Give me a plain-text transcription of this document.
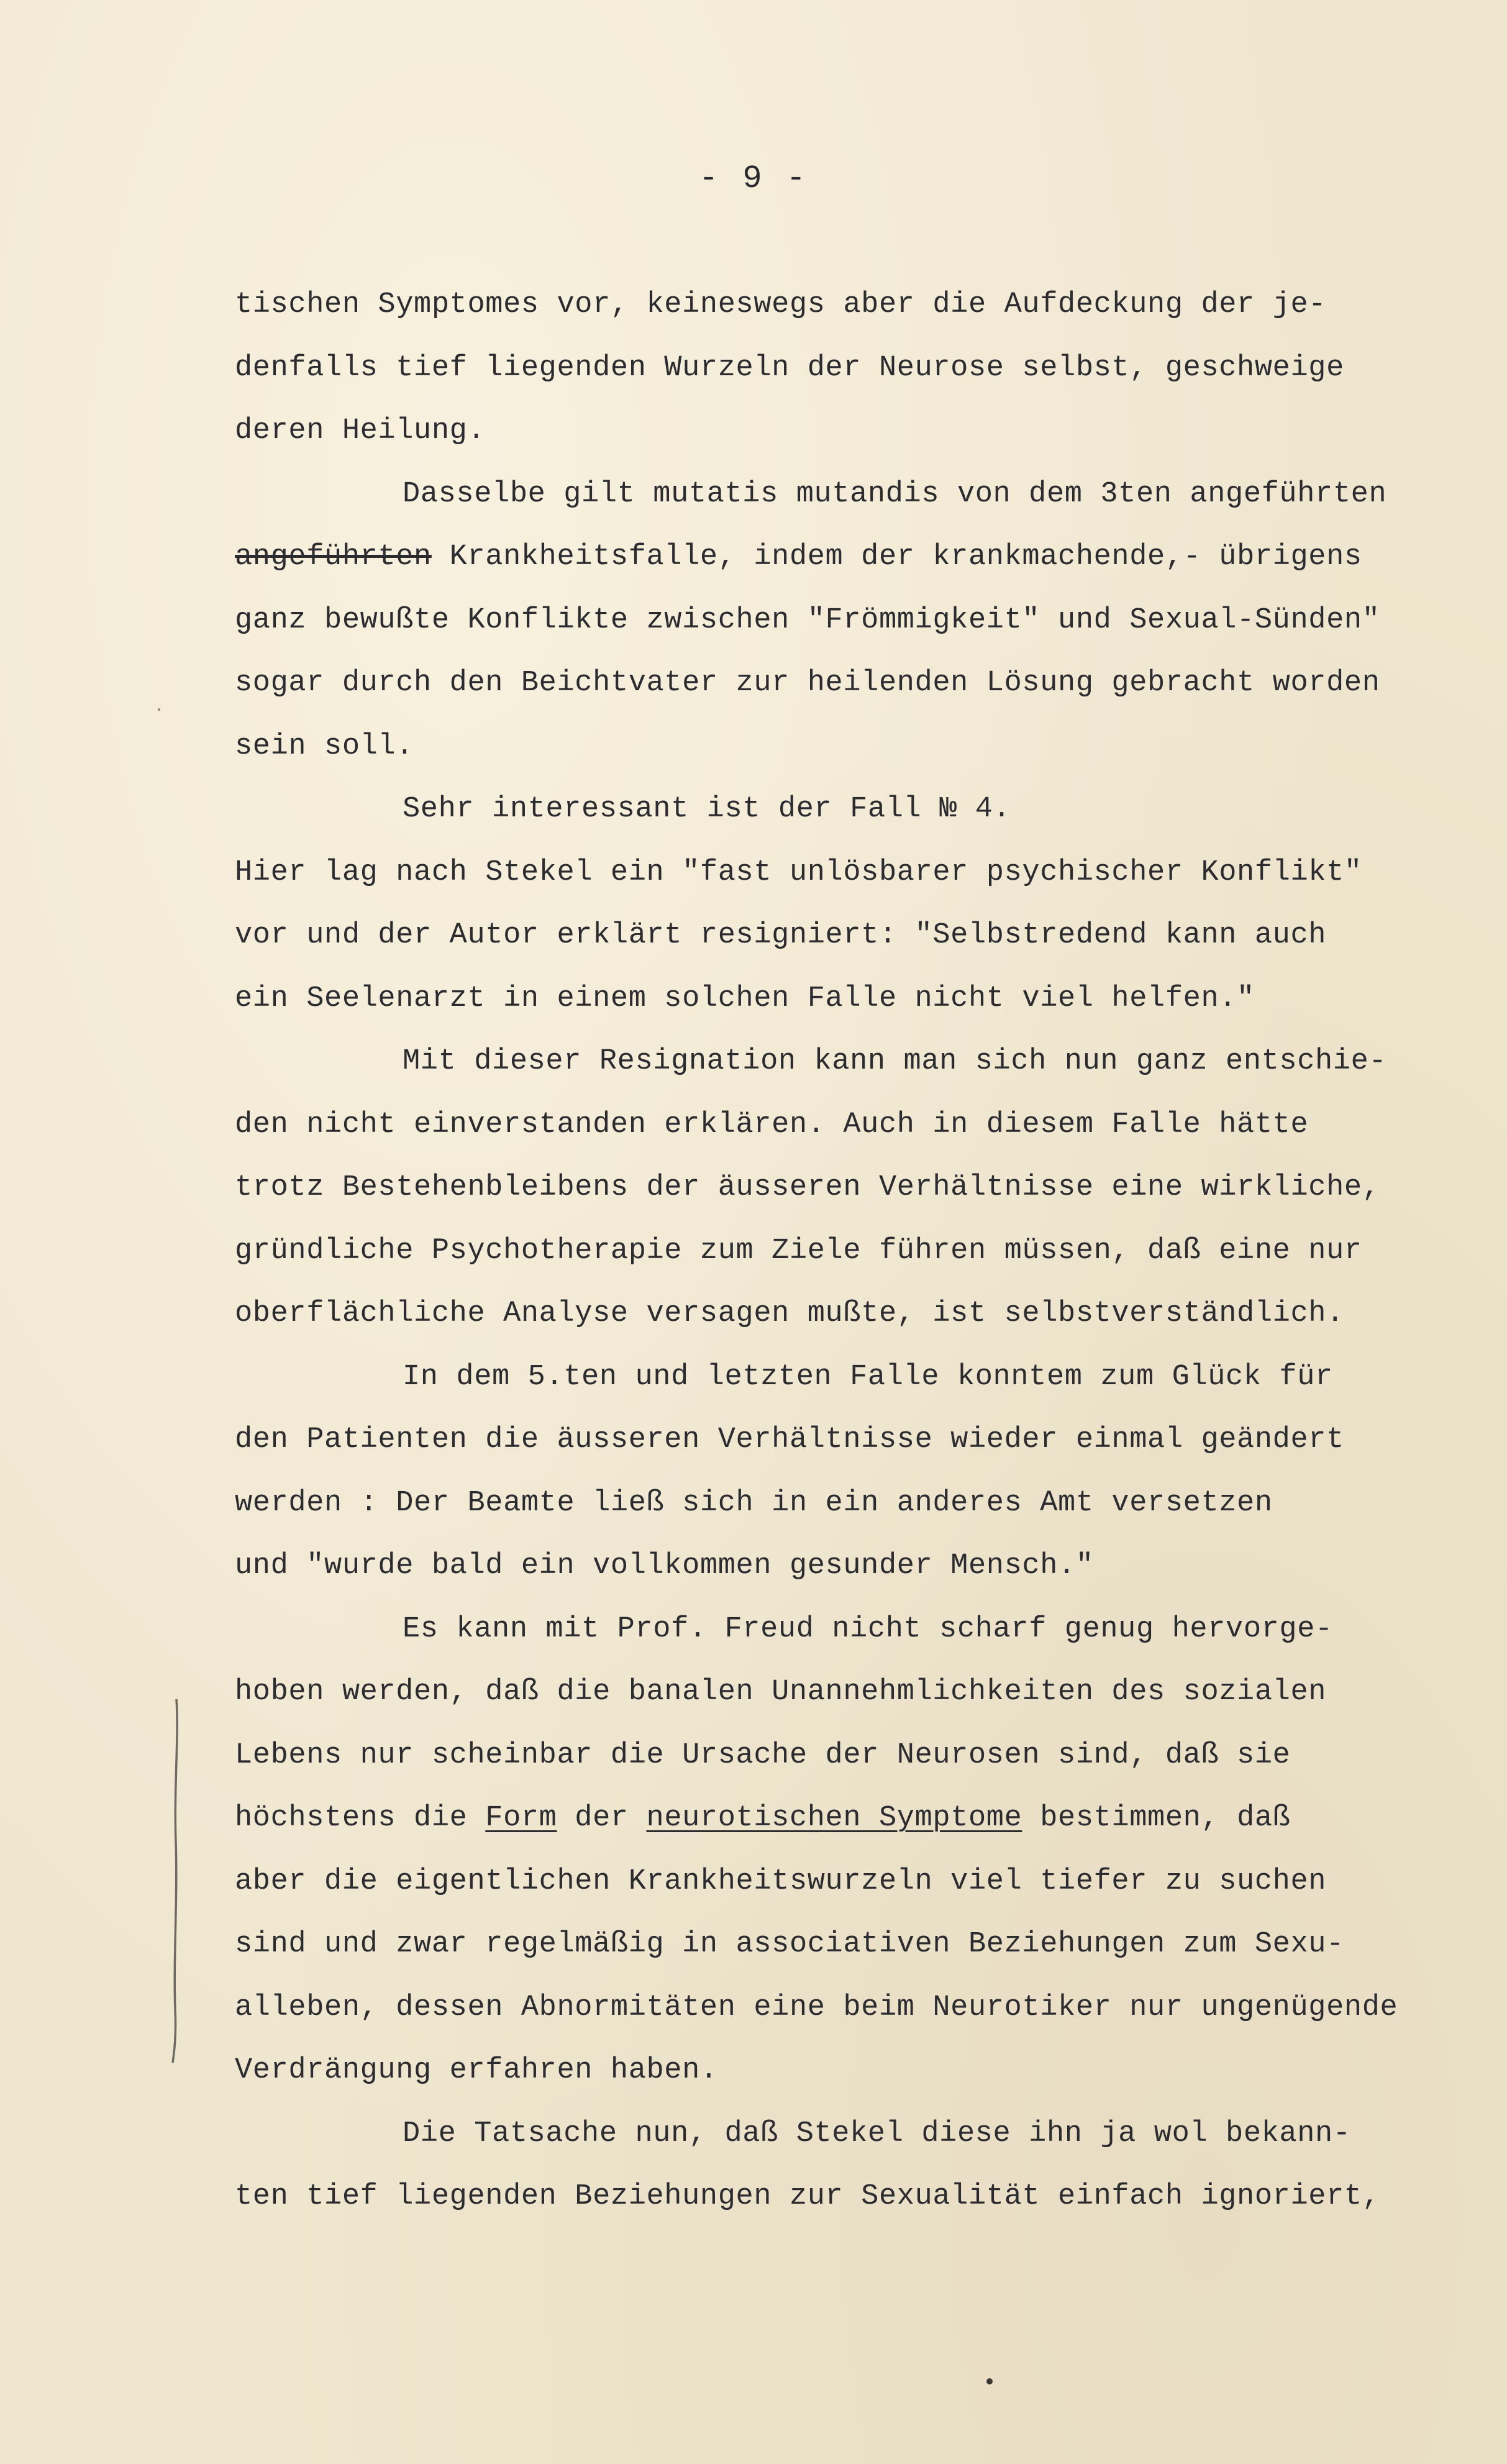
- 9 -
tischen Symptomes vor, keineswegs aber die Aufdeckung der je-
denfalls tief liegenden Wurzeln der Neurose selbst, geschweige
deren Heilung.
Dasselbe gilt mutatis mutandis von dem 3ten angeführten
angeführten Krankheitsfalle, indem der krankmachende,- übrigens
ganz bewußte Konflikte zwischen "Frömmigkeit" und Sexual-Sünden"
sogar durch den Beichtvater zur heilenden Lösung gebracht worden
sein soll.
Sehr interessant ist der Fall № 4.
Hier lag nach Stekel ein "fast unlösbarer psychischer Konflikt"
vor und der Autor erklärt resigniert: "Selbstredend kann auch
ein Seelenarzt in einem solchen Falle nicht viel helfen."
Mit dieser Resignation kann man sich nun ganz entschie-
den nicht einverstanden erklären. Auch in diesem Falle hätte
trotz Bestehenbleibens der äusseren Verhältnisse eine wirkliche,
gründliche Psychotherapie zum Ziele führen müssen, daß eine nur
oberflächliche Analyse versagen mußte, ist selbstverständlich.
In dem 5.ten und letzten Falle konntem zum Glück für
den Patienten die äusseren Verhältnisse wieder einmal geändert
werden : Der Beamte ließ sich in ein anderes Amt versetzen
und "wurde bald ein vollkommen gesunder Mensch."
Es kann mit Prof. Freud nicht scharf genug hervorge-
hoben werden, daß die banalen Unannehmlichkeiten des sozialen
Lebens nur scheinbar die Ursache der Neurosen sind, daß sie
höchstens die Form der neurotischen Symptome bestimmen, daß
aber die eigentlichen Krankheitswurzeln viel tiefer zu suchen
sind und zwar regelmäßig in associativen Beziehungen zum Sexu-
alleben, dessen Abnormitäten eine beim Neurotiker nur ungenügende
Verdrängung erfahren haben.
Die Tatsache nun, daß Stekel diese ihn ja wol bekann-
ten tief liegenden Beziehungen zur Sexualität einfach ignoriert,
